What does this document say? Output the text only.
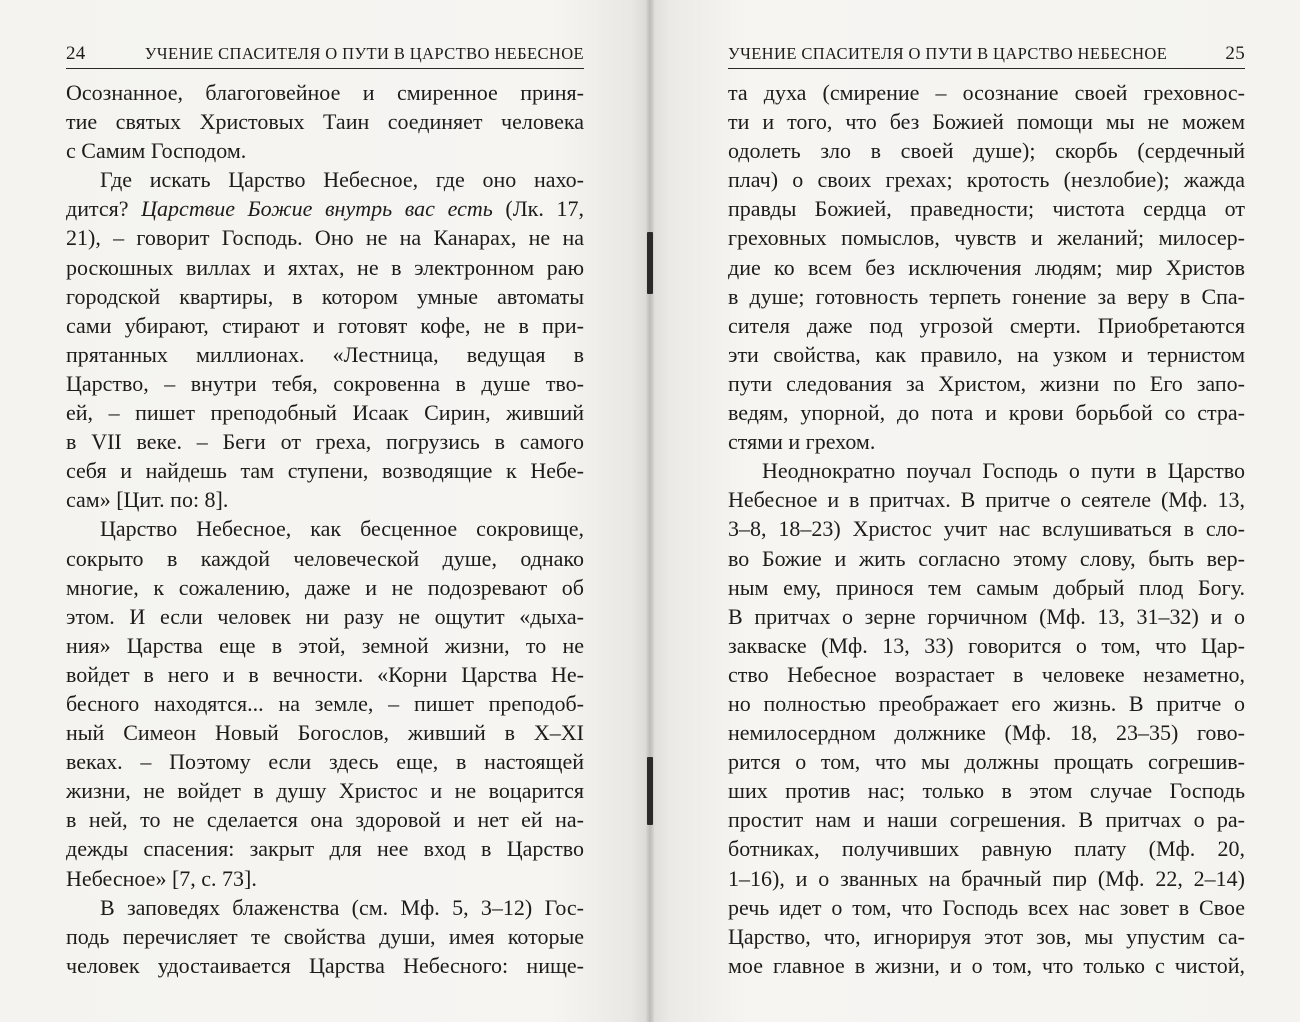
24	УЧЕНИЕ СПАСИТЕЛЯ О ПУТИ В ЦАРСТВО НЕБЕСНОЕ
Осознанное, благоговейное и смиренное приня-
тие святых Христовых Таин соединяет человека
с Самим Господом.
Где искать Царство Небесное, где оно нахо-
дится? Царствие Божие внутрь вас есть (Лк. 17,
21), – говорит Господь. Оно не на Канарах, не на
роскошных виллах и яхтах, не в электронном раю
городской квартиры, в котором умные автоматы
сами убирают, стирают и готовят кофе, не в при-
прятанных миллионах. «Лестница, ведущая в
Царство, – внутри тебя, сокровенна в душе тво-
ей, – пишет преподобный Исаак Сирин, живший
в VII веке. – Беги от греха, погрузись в самого
себя и найдешь там ступени, возводящие к Небе-
сам» [Цит. по: 8].
Царство Небесное, как бесценное сокровище,
сокрыто в каждой человеческой душе, однако
многие, к сожалению, даже и не подозревают об
этом. И если человек ни разу не ощутит «дыха-
ния» Царства еще в этой, земной жизни, то не
войдет в него и в вечности. «Корни Царства Не-
бесного находятся... на земле, – пишет преподоб-
ный Симеон Новый Богослов, живший в X–XI
веках. – Поэтому если здесь еще, в настоящей
жизни, не войдет в душу Христос и не воцарится
в ней, то не сделается она здоровой и нет ей на-
дежды спасения: закрыт для нее вход в Царство
Небесное» [7, с. 73].
В заповедях блаженства (см. Мф. 5, 3–12) Гос-
подь перечисляет те свойства души, имея которые
человек удостаивается Царства Небесного: нище-
УЧЕНИЕ СПАСИТЕЛЯ О ПУТИ В ЦАРСТВО НЕБЕСНОЕ	25
та духа (смирение – осознание своей греховнос-
ти и того, что без Божией помощи мы не можем
одолеть зло в своей душе); скорбь (сердечный
плач) о своих грехах; кротость (незлобие); жажда
правды Божией, праведности; чистота сердца от
греховных помыслов, чувств и желаний; милосер-
дие ко всем без исключения людям; мир Христов
в душе; готовность терпеть гонение за веру в Спа-
сителя даже под угрозой смерти. Приобретаются
эти свойства, как правило, на узком и тернистом
пути следования за Христом, жизни по Его запо-
ведям, упорной, до пота и крови борьбой со стра-
стями и грехом.
Неоднократно поучал Господь о пути в Царство
Небесное и в притчах. В притче о сеятеле (Мф. 13,
3–8, 18–23) Христос учит нас вслушиваться в сло-
во Божие и жить согласно этому слову, быть вер-
ным ему, принося тем самым добрый плод Богу.
В притчах о зерне горчичном (Мф. 13, 31–32) и о
закваске (Мф. 13, 33) говорится о том, что Цар-
ство Небесное возрастает в человеке незаметно,
но полностью преображает его жизнь. В притче о
немилосердном должнике (Мф. 18, 23–35) гово-
рится о том, что мы должны прощать согрешив-
ших против нас; только в этом случае Господь
простит нам и наши согрешения. В притчах о ра-
ботниках, получивших равную плату (Мф. 20,
1–16), и о званных на брачный пир (Мф. 22, 2–14)
речь идет о том, что Господь всех нас зовет в Свое
Царство, что, игнорируя этот зов, мы упустим са-
мое главное в жизни, и о том, что только с чистой,
